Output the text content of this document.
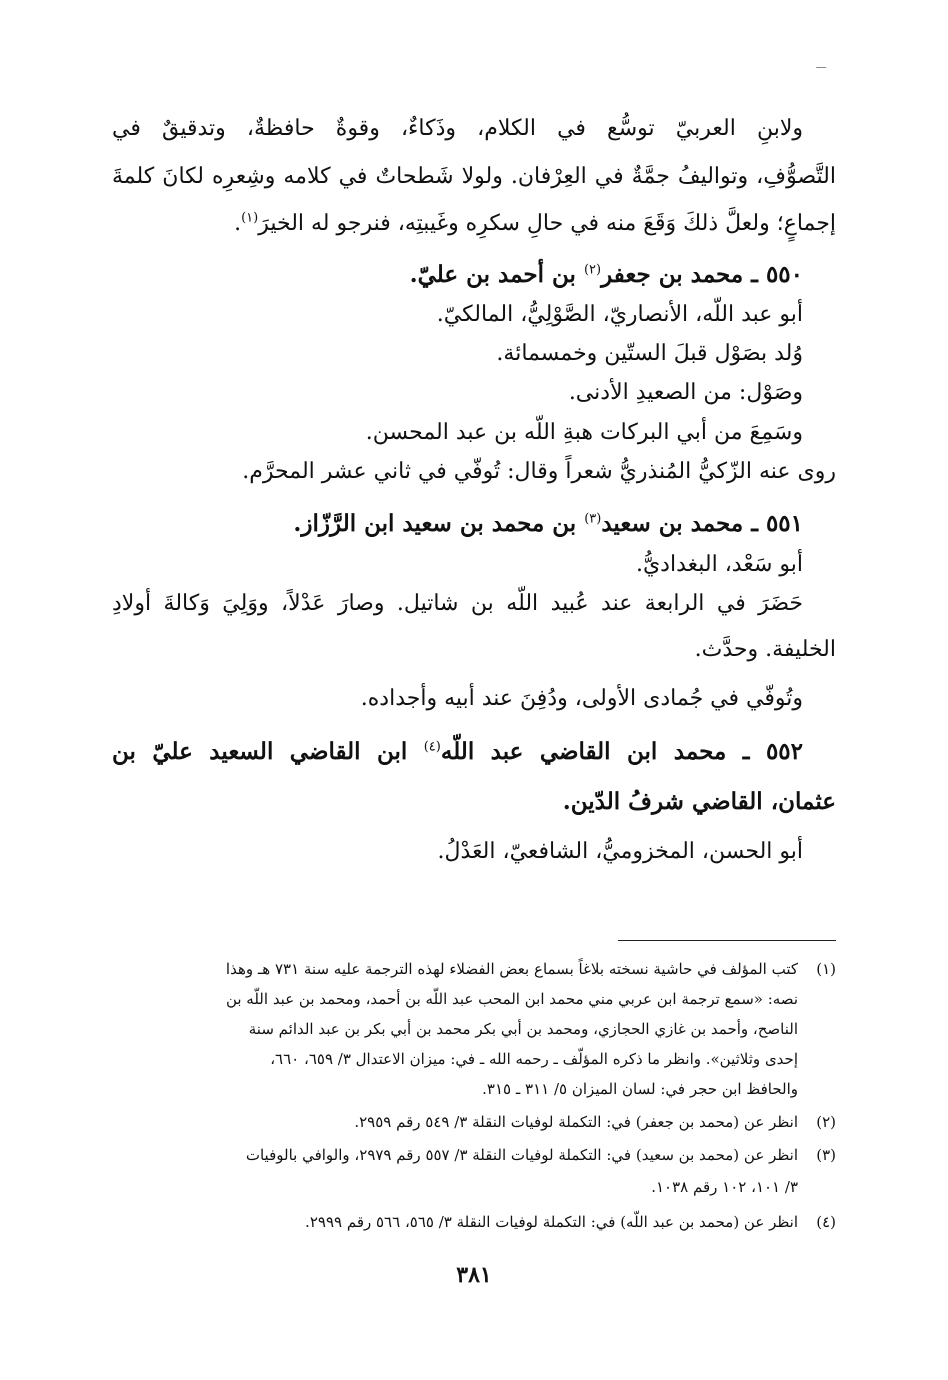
ـــ
ولابنِ العربيّ توسُّع في الكلام، وذَكاءٌ، وقوةٌ حافظةٌ، وتدقيقٌ في
التَّصوُّفِ، وتواليفُ جمَّةٌ في العِرْفان. ولولا شَطحاتٌ في كلامه وشِعرِه لكانَ كلمةَ
إجماعٍ؛ ولعلَّ ذلكَ وَقَعَ منه في حالِ سكرِه وغَيبتِه، فنرجو له الخيرَ$^{(١)}$.
٥٥٠ ـ محمد بن جعفر$^{(٢)}$ بن أحمد بن عليّ.
أبو عبد اللّه، الأنصاريّ، الصَّوْلِيُّ، المالكيّ.
وُلد بصَوْل قبلَ الستّين وخمسمائة.
وصَوْل: من الصعيدِ الأدنى.
وسَمِعَ من أبي البركات هبةِ اللّه بن عبد المحسن.
روى عنه الزّكيُّ المُنذريُّ شعراً وقال: تُوفّي في ثاني عشر المحرَّم.
٥٥١ ـ محمد بن سعيد$^{(٣)}$ بن محمد بن سعيد ابن الرَّزّاز.
أبو سَعْد، البغداديُّ.
حَضَرَ في الرابعة عند عُبيد اللّه بن شاتيل. وصارَ عَدْلاً، ووَلِيَ وَكالةَ أولادِ
الخليفة. وحدَّث.
وتُوفّي في جُمادى الأولى، ودُفِنَ عند أبيه وأجداده.
٥٥٢ ـ محمد ابن القاضي عبد اللّه$^{(٤)}$ ابن القاضي السعيد عليّ بن
عثمان، القاضي شرفُ الدّين.
أبو الحسن، المخزوميُّ، الشافعيّ، العَدْلُ.
(١)كتب المؤلف في حاشية نسخته بلاغاً بسماع بعض الفضلاء لهذه الترجمة عليه سنة ٧٣١ هـ وهذا
نصه: «سمع ترجمة ابن عربي مني محمد ابن المحب عبد اللّه بن أحمد، ومحمد بن عبد اللّه بن
الناصح، وأحمد بن غازي الحجازي، ومحمد بن أبي بكر محمد بن أبي بكر بن عبد الدائم سنة
إحدى وثلاثين». وانظر ما ذكره المؤلّف ـ رحمه الله ـ في: ميزان الاعتدال ٣/ ٦٥٩، ٦٦٠،
والحافظ ابن حجر في: لسان الميزان ٥/ ٣١١ ـ ٣١٥.
(٢)انظر عن (محمد بن جعفر) في: التكملة لوفيات النقلة ٣/ ٥٤٩ رقم ٢٩٥٩.
(٣)انظر عن (محمد بن سعيد) في: التكملة لوفيات النقلة ٣/ ٥٥٧ رقم ٢٩٧٩، والوافي بالوفيات
٣/ ١٠١، ١٠٢ رقم ١٠٣٨.
(٤)انظر عن (محمد بن عبد اللّه) في: التكملة لوفيات النقلة ٣/ ٥٦٥، ٥٦٦ رقم ٢٩٩٩.
٣٨١
